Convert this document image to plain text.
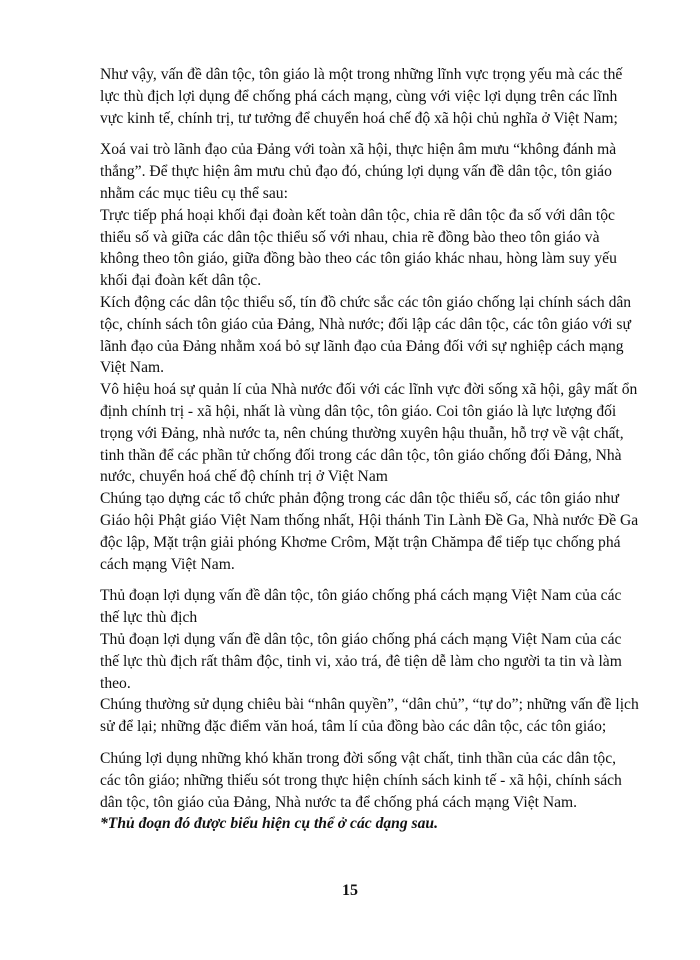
Như vậy, vấn đề dân tộc, tôn giáo là một trong những lĩnh vực trọng yếu mà các thế lực thù địch lợi dụng để chống phá cách mạng, cùng với việc lợi dụng trên các lĩnh vực kinh tế, chính trị, tư tưởng để chuyển hoá chế độ xã hội chủ nghĩa ở Việt Nam;

Xoá vai trò lãnh đạo của Đảng với toàn xã hội, thực hiện âm mưu “không đánh mà thắng”. Để thực hiện âm mưu chủ đạo đó, chúng lợi dụng vấn đề dân tộc, tôn giáo nhằm các mục tiêu cụ thể sau:

Trực tiếp phá hoại khối đại đoàn kết toàn dân tộc, chia rẽ dân tộc đa số với dân tộc thiểu số và giữa các dân tộc thiểu số với nhau, chia rẽ đồng bào theo tôn giáo và không theo tôn giáo, giữa đồng bào theo các tôn giáo khác nhau, hòng làm suy yếu khối đại đoàn kết dân tộc.

Kích động các dân tộc thiểu số, tín đồ chức sắc các tôn giáo chống lại chính sách dân tộc, chính sách tôn giáo của Đảng, Nhà nước; đối lập các dân tộc, các tôn giáo với sự lãnh đạo của Đảng nhằm xoá bỏ sự lãnh đạo của Đảng đối với sự nghiệp cách mạng Việt Nam.

Vô hiệu hoá sự quản lí của Nhà nước đối với các lĩnh vực đời sống xã hội, gây mất ổn định chính trị - xã hội, nhất là vùng dân tộc, tôn giáo. Coi tôn giáo là lực lượng đối trọng với Đảng, nhà nước ta, nên chúng thường xuyên hậu thuẫn, hỗ trợ về vật chất, tinh thần để các phần tử chống đối trong các dân tộc, tôn giáo chống đối Đảng, Nhà nước, chuyển hoá chế độ chính trị ở Việt Nam

Chúng tạo dựng các tổ chức phản động trong các dân tộc thiểu số, các tôn giáo như Giáo hội Phật giáo Việt Nam thống nhất, Hội thánh Tin Lành Đề Ga, Nhà nước Đề Ga độc lập, Mặt trận giải phóng Khơme Crôm, Mặt trận Chămpa để tiếp tục chống phá cách mạng Việt Nam.

Thủ đoạn lợi dụng vấn đề dân tộc, tôn giáo chống phá cách mạng Việt Nam của các thế lực thù địch

Thủ đoạn lợi dụng vấn đề dân tộc, tôn giáo chống phá cách mạng Việt Nam của các thế lực thù địch rất thâm độc, tinh vi, xảo trá, đê tiện dễ làm cho người ta tin và làm theo.

Chúng thường sử dụng chiêu bài “nhân quyền”, “dân chủ”, “tự do”; những vấn đề lịch sử để lại; những đặc điểm văn hoá, tâm lí của đồng bào các dân tộc, các tôn giáo;

Chúng lợi dụng những khó khăn trong đời sống vật chất, tinh thần của các dân tộc, các tôn giáo; những thiếu sót trong thực hiện chính sách kinh tế - xã hội, chính sách dân tộc, tôn giáo của Đảng, Nhà nước ta để chống phá cách mạng Việt Nam.

*Thủ đoạn đó được biểu hiện cụ thể ở các dạng sau.

15
